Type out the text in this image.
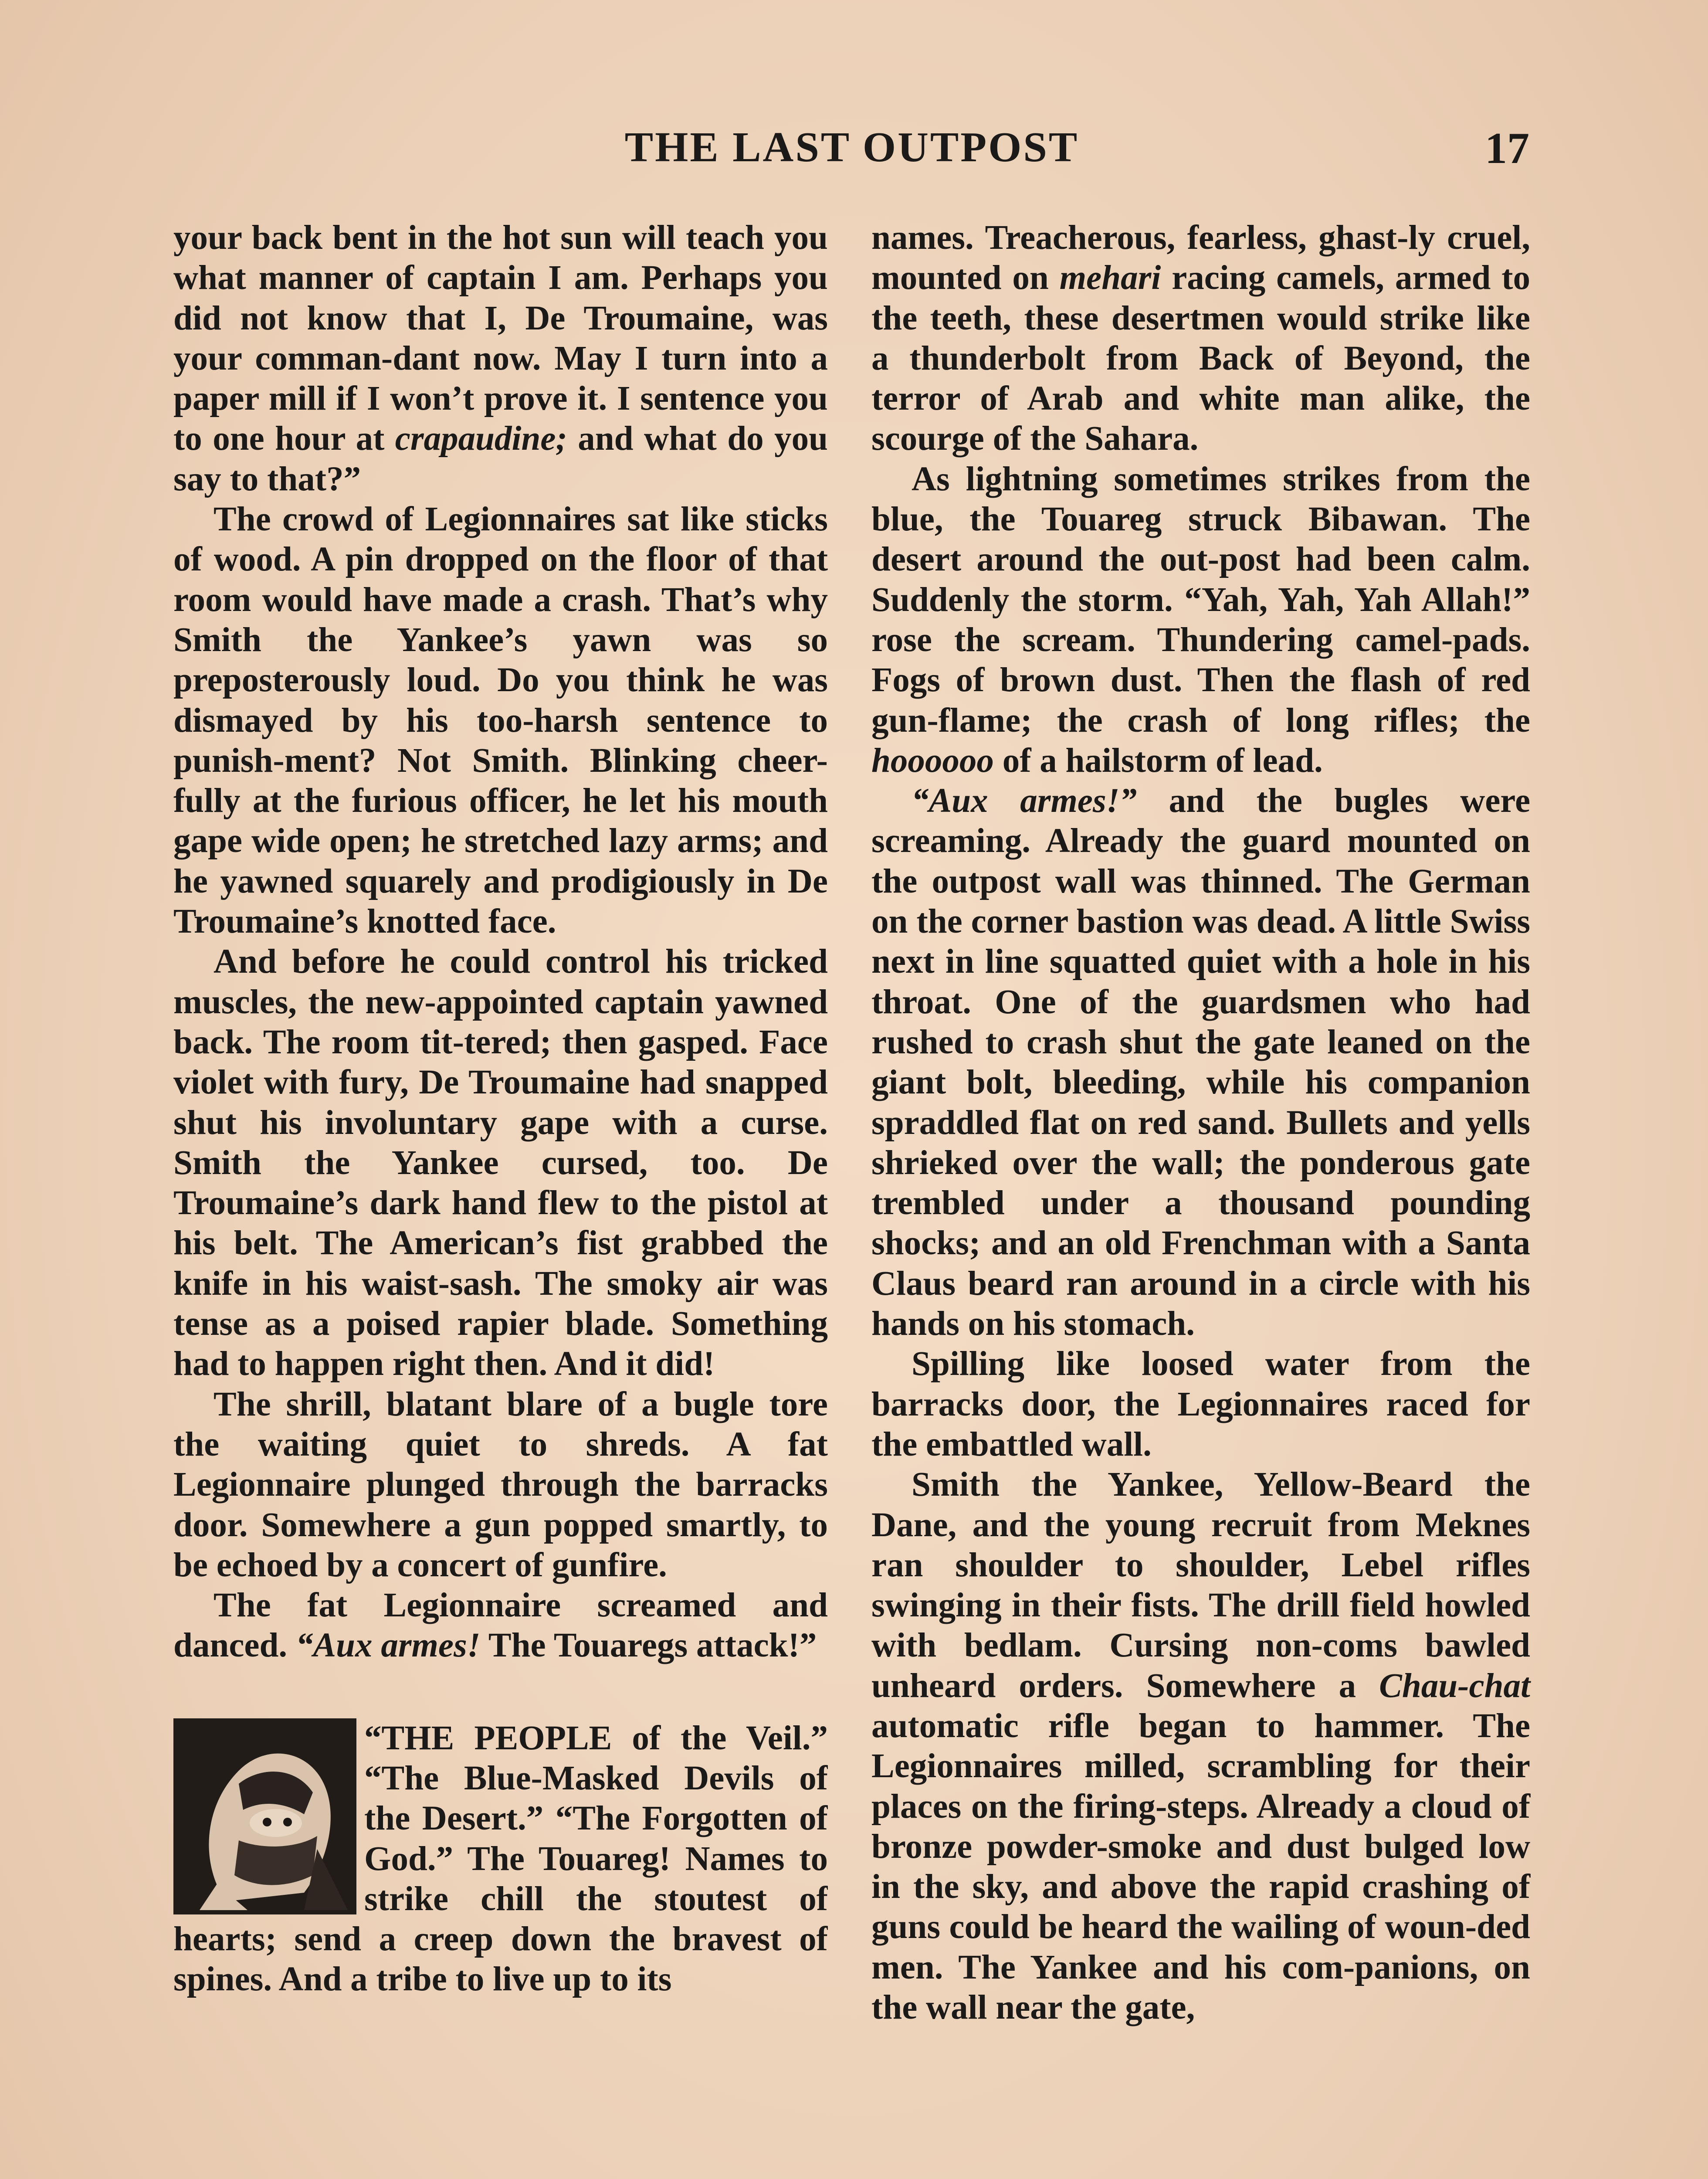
THE LAST OUTPOST	17

your back bent in the hot sun will teach you what manner of captain I am. Perhaps you did not know that I, De Troumaine, was your comman-dant now. May I turn into a paper mill if I won’t prove it. I sentence you to one hour at crapaudine; and what do you say to that?”

The crowd of Legionnaires sat like sticks of wood. A pin dropped on the floor of that room would have made a crash. That’s why Smith the Yankee’s yawn was so preposterously loud. Do you think he was dismayed by his too-harsh sentence to punish-ment? Not Smith. Blinking cheer-fully at the furious officer, he let his mouth gape wide open; he stretched lazy arms; and he yawned squarely and prodigiously in De Troumaine’s knotted face.

And before he could control his tricked muscles, the new-appointed captain yawned back. The room tit-tered; then gasped. Face violet with fury, De Troumaine had snapped shut his involuntary gape with a curse. Smith the Yankee cursed, too. De Troumaine’s dark hand flew to the pistol at his belt. The American’s fist grabbed the knife in his waist-sash. The smoky air was tense as a poised rapier blade. Something had to happen right then. And it did!

The shrill, blatant blare of a bugle tore the waiting quiet to shreds. A fat Legionnaire plunged through the barracks door. Somewhere a gun popped smartly, to be echoed by a concert of gunfire.

The fat Legionnaire screamed and danced. “Aux armes! The Touaregs attack!”

“THE PEOPLE of the Veil.” “The Blue-Masked Devils of the Desert.” “The Forgotten of God.” The Touareg! Names to strike chill the stoutest of hearts; send a creep down the bravest of spines. And a tribe to live up to its

names. Treacherous, fearless, ghast-ly cruel, mounted on mehari racing camels, armed to the teeth, these desertmen would strike like a thunderbolt from Back of Beyond, the terror of Arab and white man alike, the scourge of the Sahara.

As lightning sometimes strikes from the blue, the Touareg struck Bibawan. The desert around the out-post had been calm. Suddenly the storm. “Yah, Yah, Yah Allah!” rose the scream. Thundering camel-pads. Fogs of brown dust. Then the flash of red gun-flame; the crash of long rifles; the hoooooo of a hailstorm of lead.

“Aux armes!” and the bugles were screaming. Already the guard mounted on the outpost wall was thinned. The German on the corner bastion was dead. A little Swiss next in line squatted quiet with a hole in his throat. One of the guardsmen who had rushed to crash shut the gate leaned on the giant bolt, bleeding, while his companion spraddled flat on red sand. Bullets and yells shrieked over the wall; the ponderous gate trembled under a thousand pounding shocks; and an old Frenchman with a Santa Claus beard ran around in a circle with his hands on his stomach.

Spilling like loosed water from the barracks door, the Legionnaires raced for the embattled wall.

Smith the Yankee, Yellow-Beard the Dane, and the young recruit from Meknes ran shoulder to shoulder, Lebel rifles swinging in their fists. The drill field howled with bedlam. Cursing non-coms bawled unheard orders. Somewhere a Chau-chat automatic rifle began to hammer. The Legionnaires milled, scrambling for their places on the firing-steps. Already a cloud of bronze powder-smoke and dust bulged low in the sky, and above the rapid crashing of guns could be heard the wailing of woun-ded men. The Yankee and his com-panions, on the wall near the gate,
